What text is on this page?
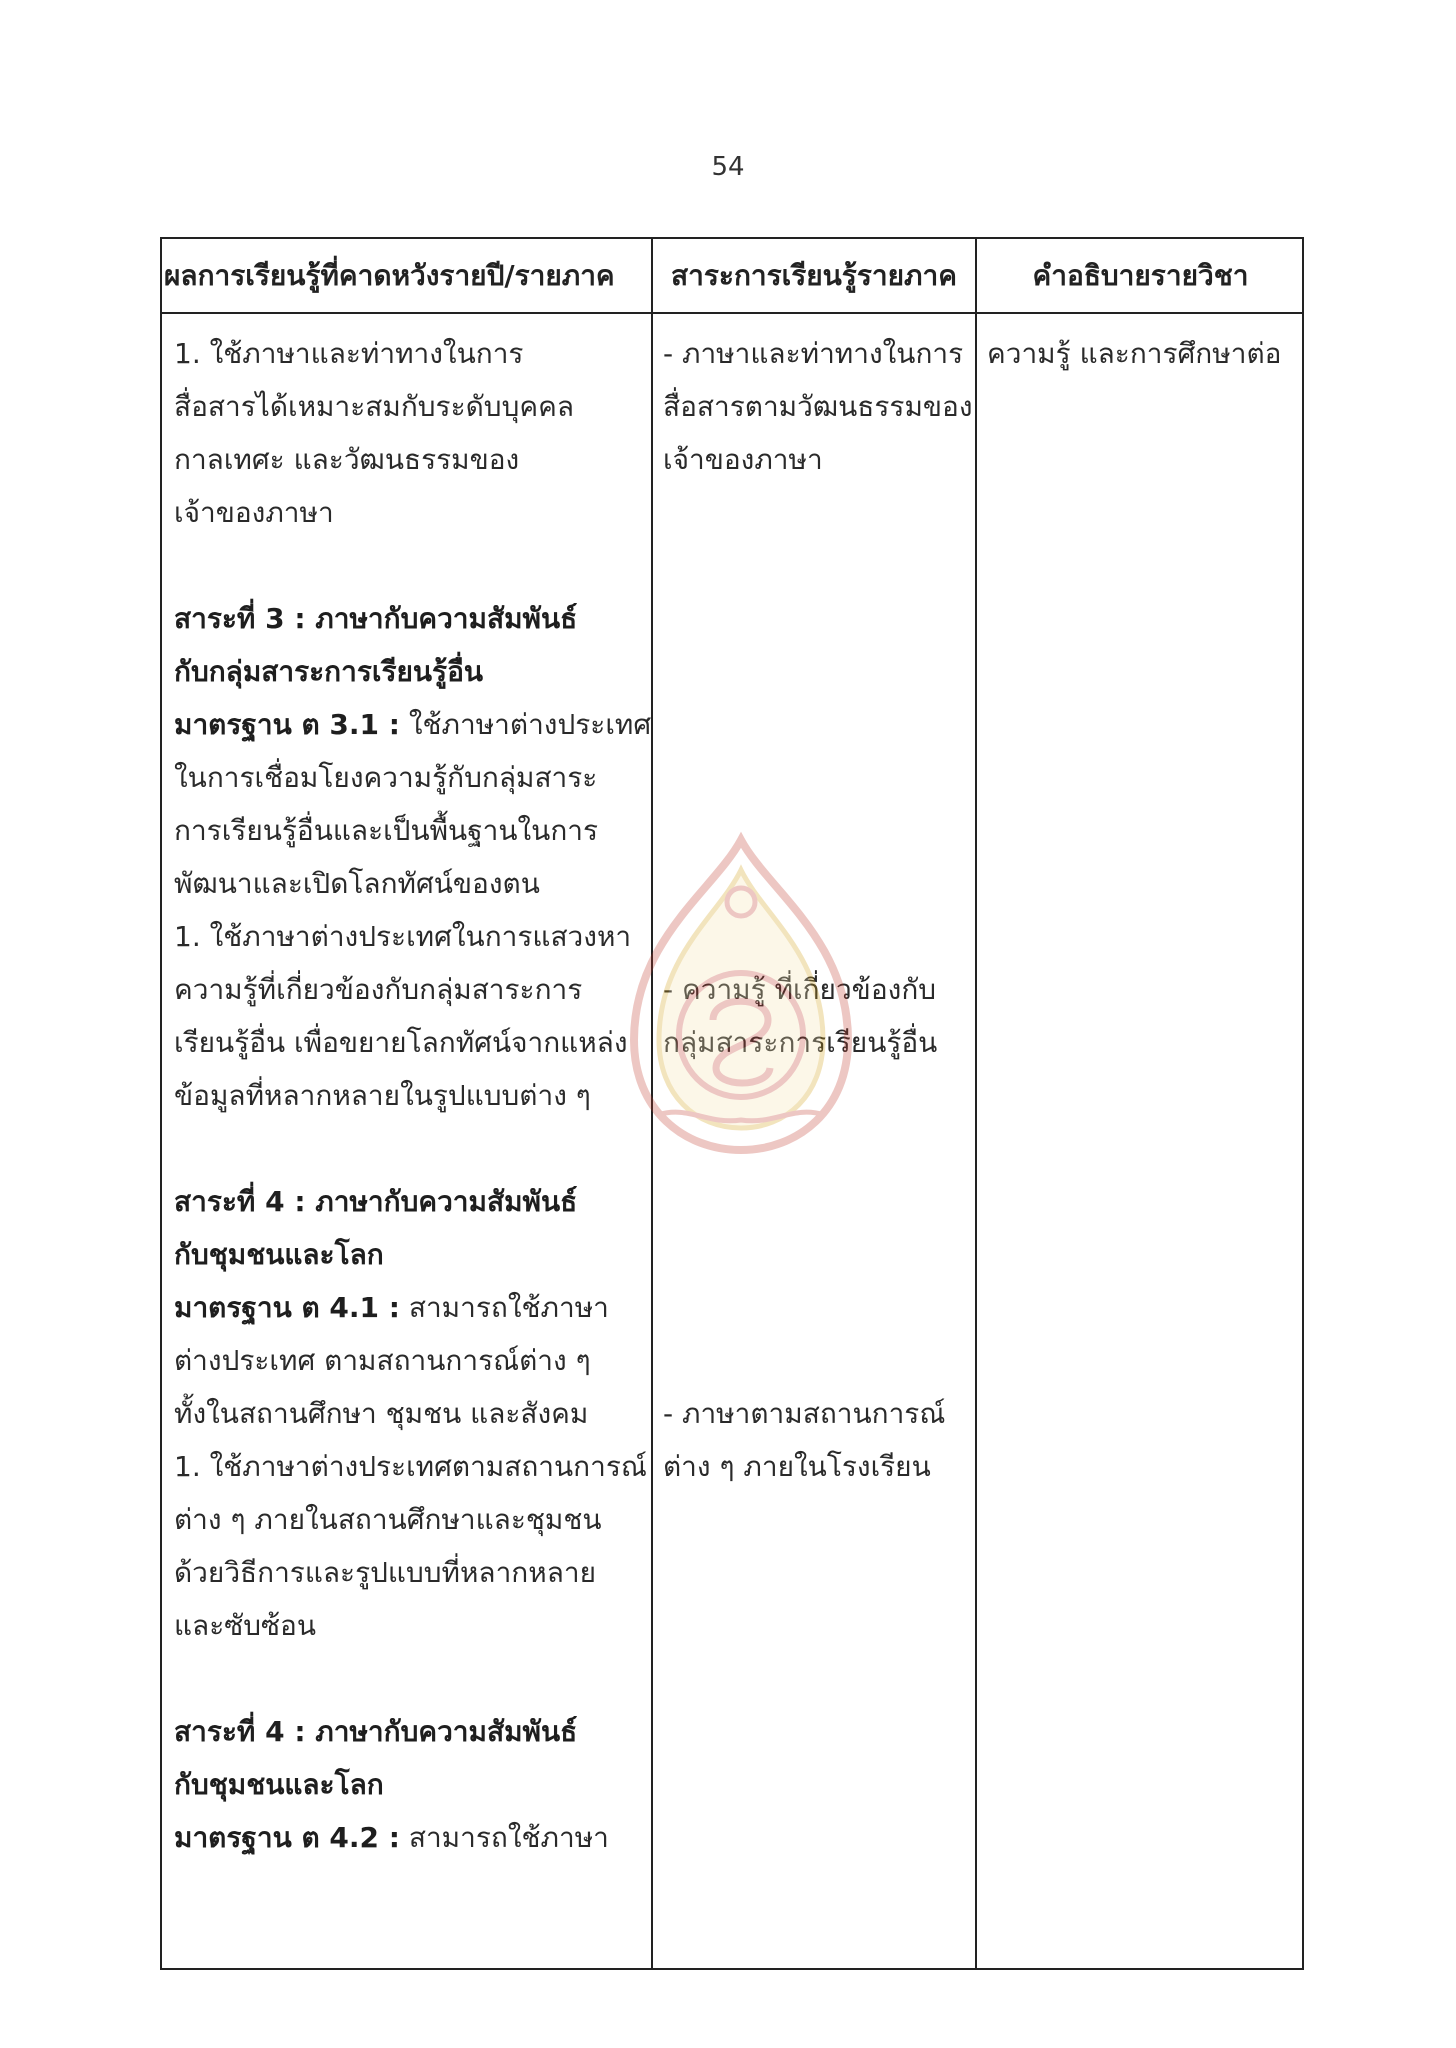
54
ผลการเรียนรู้ที่คาดหวังรายปี/รายภาค	สาระการเรียนรู้รายภาค	คำอธิบายรายวิชา
1. ใช้ภาษาและท่าทางในการ
สื่อสารได้เหมาะสมกับระดับบุคคล
กาลเทศะ และวัฒนธรรมของ
เจ้าของภาษา
สาระที่ 3 : ภาษากับความสัมพันธ์
กับกลุ่มสาระการเรียนรู้อื่น
มาตรฐาน ต 3.1 : ใช้ภาษาต่างประเทศ
ในการเชื่อมโยงความรู้กับกลุ่มสาระ
การเรียนรู้อื่นและเป็นพื้นฐานในการ
พัฒนาและเปิดโลกทัศน์ของตน
1. ใช้ภาษาต่างประเทศในการแสวงหา
ความรู้ที่เกี่ยวข้องกับกลุ่มสาระการ
เรียนรู้อื่น เพื่อขยายโลกทัศน์จากแหล่ง
ข้อมูลที่หลากหลายในรูปแบบต่าง ๆ
สาระที่ 4 : ภาษากับความสัมพันธ์
กับชุมชนและโลก
มาตรฐาน ต 4.1 : สามารถใช้ภาษา
ต่างประเทศ ตามสถานการณ์ต่าง ๆ
ทั้งในสถานศึกษา ชุมชน และสังคม
1. ใช้ภาษาต่างประเทศตามสถานการณ์
ต่าง ๆ ภายในสถานศึกษาและชุมชน
ด้วยวิธีการและรูปแบบที่หลากหลาย
และซับซ้อน
สาระที่ 4 : ภาษากับความสัมพันธ์
กับชุมชนและโลก
มาตรฐาน ต 4.2 : สามารถใช้ภาษา
- ภาษาและท่าทางในการ
สื่อสารตามวัฒนธรรมของ
เจ้าของภาษา
- ความรู้ ที่เกี่ยวข้องกับ
กลุ่มสาระการเรียนรู้อื่น
- ภาษาตามสถานการณ์
ต่าง ๆ ภายในโรงเรียน
ความรู้ และการศึกษาต่อ
